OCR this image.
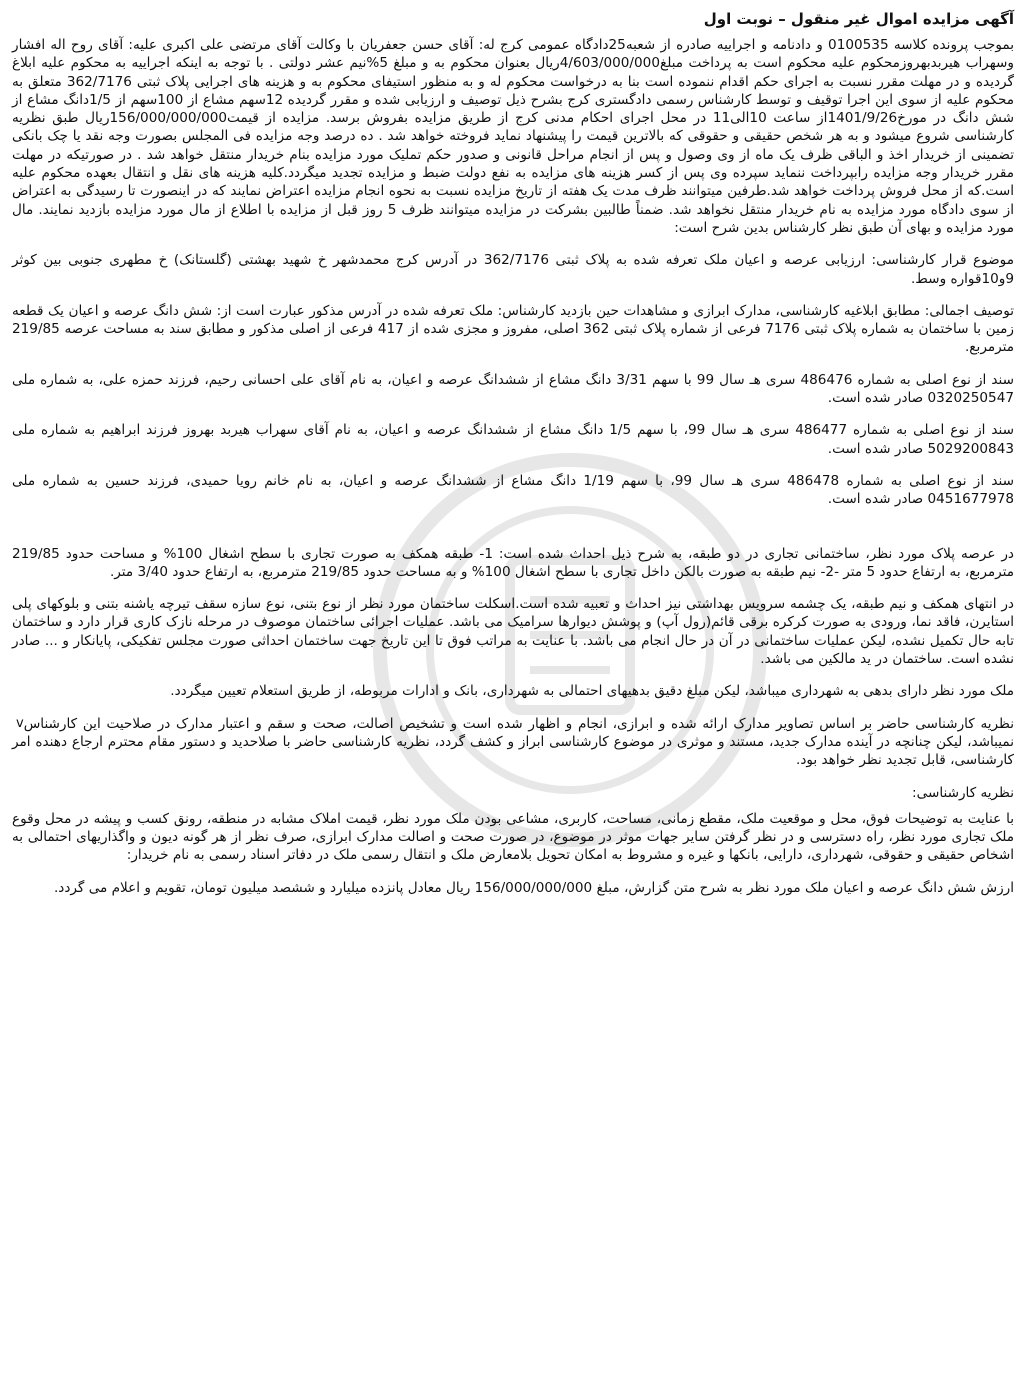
آگهی مزایده اموال غیر منقول – نوبت اول

بموجب پرونده کلاسه 0100535 و دادنامه و اجراییه صادره از شعبه25دادگاه عمومی کرج له: آقای حسن جعفریان با وکالت آقای مرتضی علی اکبری علیه: آقای روح اله افشار وسهراب هیربدبهروزمحکوم علیه محکوم است به پرداخت مبلغ4/603/000/000ریال بعنوان محکوم به و مبلغ 5%نیم عشر دولتی . با توجه به اینکه اجراییه به محکوم علیه ابلاغ گردیده و در مهلت مقرر نسبت به اجرای حکم اقدام ننموده است بنا به درخواست محکوم له و به منظور استیفای محکوم به و هزینه های اجرایی پلاک ثبتی 362/7176 متعلق به محکوم علیه از سوی این اجرا توقیف و توسط کارشناس رسمی دادگستری کرج بشرح ذیل توصیف و ارزیابی شده و مقرر گردیده 12سهم مشاع از 100سهم از 1/5دانگ مشاع از شش دانگ در مورخ1401/9/26از ساعت 10الی11 در محل اجرای احکام مدنی کرج از طریق مزایده بفروش برسد. مزایده از قیمت156/000/000/000ریال طبق نظریه کارشناسی شروع میشود و به هر شخص حقیقی و حقوقی که بالاترین قیمت را پیشنهاد نماید فروخته خواهد شد . ده درصد وجه مزایده فی المجلس بصورت وجه نقد یا چک بانکی تضمینی از خریدار اخذ و الباقی ظرف یک ماه از وی وصول و پس از انجام مراحل قانونی و صدور حکم تملیک مورد مزایده بنام خریدار منتقل خواهد شد . در صورتیکه در مهلت مقرر خریدار وجه مزایده رابپرداخت ننماید سپرده وی پس از کسر هزینه های مزایده به نفع دولت ضبط و مزایده تجدید میگردد.کلیه هزینه های نقل و انتقال بعهده محکوم علیه است.که از محل فروش پرداخت خواهد شد.طرفین میتوانند ظرف مدت یک هفته از تاریخ مزایده نسبت به نحوه انجام مزایده اعتراض نمایند که در اینصورت تا رسیدگی به اعتراض از سوی دادگاه مورد مزایده به نام خریدار منتقل نخواهد شد. ضمناً طالبین بشرکت در مزایده میتوانند ظرف 5 روز قبل از مزایده با اطلاع از مال مورد مزایده بازدید نمایند. مال مورد مزایده و بهای آن طبق نظر کارشناس بدین شرح است:

موضوع قرار کارشناسی: ارزیابی عرصه و اعیان ملک تعرفه شده به پلاک ثبتی 362/7176 در آدرس کرج محمدشهر خ شهید بهشتی (گلستانک) خ مطهری جنوبی بین کوثر 9و10قواره وسط.

توصیف اجمالی: مطابق ابلاغیه کارشناسی، مدارک ابرازی و مشاهدات حین بازدید کارشناس: ملک تعرفه شده در آدرس مذکور عبارت است از: شش دانگ عرصه و اعیان یک قطعه زمین با ساختمان به شماره پلاک ثبتی 7176 فرعی از شماره پلاک ثبتی 362 اصلی، مفروز و مجزی شده از 417 فرعی از اصلی مذکور و مطابق سند به مساحت عرصه 219/85 مترمربع.

سند از نوع اصلی به شماره 486476 سری هـ سال 99 با سهم 3/31 دانگ مشاع از ششدانگ عرصه و اعیان، به نام آقای علی احسانی رحیم، فرزند حمزه علی، به شماره ملی 0320250547 صادر شده است.

سند از نوع اصلی به شماره 486477 سری هـ سال 99، با سهم 1/5 دانگ مشاع از ششدانگ عرصه و اعیان، به نام آقای سهراب هیربد بهروز فرزند ابراهیم به شماره ملی 5029200843 صادر شده است.

سند از نوع اصلی به شماره 486478 سری هـ سال 99، با سهم 1/19 دانگ مشاع از ششدانگ عرصه و اعیان، به نام خانم رویا حمیدی، فرزند حسین به شماره ملی 0451677978 صادر شده است.

در عرصه پلاک مورد نظر، ساختمانی تجاری در دو طبقه، به شرح ذیل احداث شده است: 1- طبقه همکف به صورت تجاری با سطح اشغال 100% و مساحت حدود 219/85 مترمربع، به ارتفاع حدود 5 متر -2- نیم طبقه به صورت بالکن داخل تجاری با سطح اشغال 100% و به مساحت حدود 219/85 مترمربع، به ارتفاع حدود 3/40 متر.

در انتهای همکف و نیم طبقه، یک چشمه سرویس بهداشتی نیز احداث و تعبیه شده است.اسکلت ساختمان مورد نظر از نوع بتنی، نوع سازه سقف تیرچه یاشنه بتنی و بلوکهای پلی استایرن، فاقد نما، ورودی به صورت کرکره برقی قائم(رول آپ) و پوشش دیوارها سرامیک می باشد. عملیات اجرائی ساختمان موصوف در مرحله نازک کاری قرار دارد و ساختمان تابه حال تکمیل نشده، لیکن عملیات ساختمانی در آن در حال انجام می باشد. با عنایت به مراتب فوق تا این تاریخ جهت ساختمان احداثی صورت مجلس تفکیکی، پایانکار و ... صادر نشده است. ساختمان در ید مالکین می باشد.

ملک مورد نظر دارای بدهی به شهرداری میباشد، لیکن مبلغ دقیق بدهیهای احتمالی به شهرداری، بانک و ادارات مربوطه، از طریق استعلام تعیین میگردد.

v نظریه کارشناسی حاضر بر اساس تصاویر مدارک ارائه شده و ابرازی، انجام و اظهار شده است و تشخیص اصالت، صحت و سقم و اعتبار مدارک در صلاحیت این کارشناس نمیباشد، لیکن چنانچه در آینده مدارک جدید، مستند و موثری در موضوع کارشناسی ابراز و کشف گردد، نظریه کارشناسی حاضر با صلاحدید و دستور مقام محترم ارجاع دهنده امر کارشناسی، قابل تجدید نظر خواهد بود.

نظریه کارشناسی:

با عنایت به توضیحات فوق، محل و موقعیت ملک، مقطع زمانی، مساحت، کاربری، مشاعی بودن ملک مورد نظر، قیمت املاک مشابه در منطقه، رونق کسب و پیشه در محل وقوع ملک تجاری مورد نظر، راه دسترسی و در نظر گرفتن سایر جهات موثر در موضوع، در صورت صحت و اصالت مدارک ابرازی، صرف نظر از هر گونه دیون و واگذاریهای احتمالی به اشخاص حقیقی و حقوقی، شهرداری، دارایی، بانکها و غیره و مشروط به امکان تحویل بلامعارض ملک و انتقال رسمی ملک در دفاتر اسناد رسمی به نام خریدار:

ارزش شش دانگ عرصه و اعیان ملک مورد نظر به شرح متن گزارش، مبلغ 156/000/000/000 ریال معادل پانزده میلیارد و ششصد میلیون تومان، تقویم و اعلام می گردد.
